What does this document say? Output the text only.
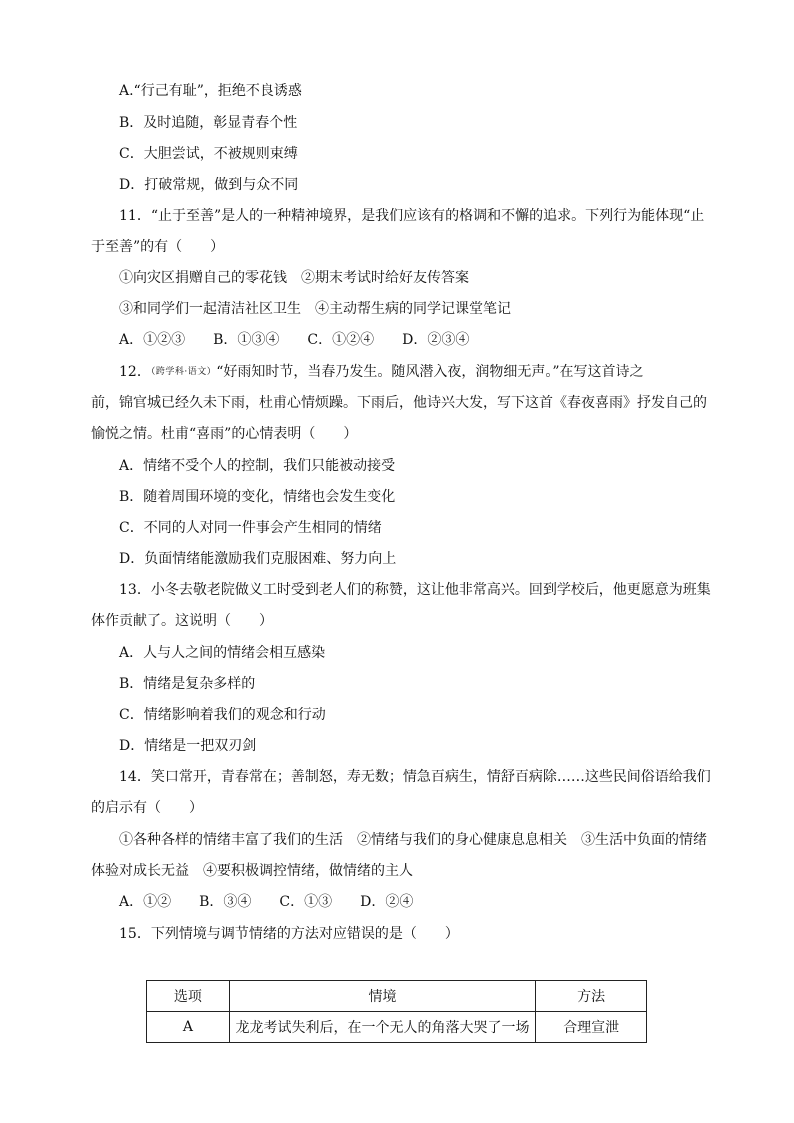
A.“行己有耻”，拒绝不良诱惑
B．及时追随，彰显青春个性
C．大胆尝试，不被规则束缚
D．打破常规，做到与众不同
11．“止于至善”是人的一种精神境界，是我们应该有的格调和不懈的追求。下列行为能体现“止
于至善”的有（　　）
①向灾区捐赠自己的零花钱　②期末考试时给好友传答案
③和同学们一起清洁社区卫生　④主动帮生病的同学记课堂笔记
A．①②③　　B．①③④　　C．①②④　　D．②③④
12．（跨学科·语文）“好雨知时节，当春乃发生。随风潜入夜，润物细无声。”在写这首诗之
前，锦官城已经久未下雨，杜甫心情烦躁。下雨后，他诗兴大发，写下这首《春夜喜雨》抒发自己的
愉悦之情。杜甫“喜雨”的心情表明（　　）
A．情绪不受个人的控制，我们只能被动接受
B．随着周围环境的变化，情绪也会发生变化
C．不同的人对同一件事会产生相同的情绪
D．负面情绪能激励我们克服困难、努力向上
13．小冬去敬老院做义工时受到老人们的称赞，这让他非常高兴。回到学校后，他更愿意为班集
体作贡献了。这说明（　　）
A．人与人之间的情绪会相互感染
B．情绪是复杂多样的
C．情绪影响着我们的观念和行动
D．情绪是一把双刃剑
14．笑口常开，青春常在；善制怒，寿无数；情急百病生，情舒百病除……这些民间俗语给我们
的启示有（　　）
①各种各样的情绪丰富了我们的生活　②情绪与我们的身心健康息息相关　③生活中负面的情绪
体验对成长无益　④要积极调控情绪，做情绪的主人
A．①②　　B．③④　　C．①③　　D．②④
15．下列情境与调节情绪的方法对应错误的是（　　）
选项	情境	方法
A	龙龙考试失利后，在一个无人的角落大哭了一场	合理宣泄
